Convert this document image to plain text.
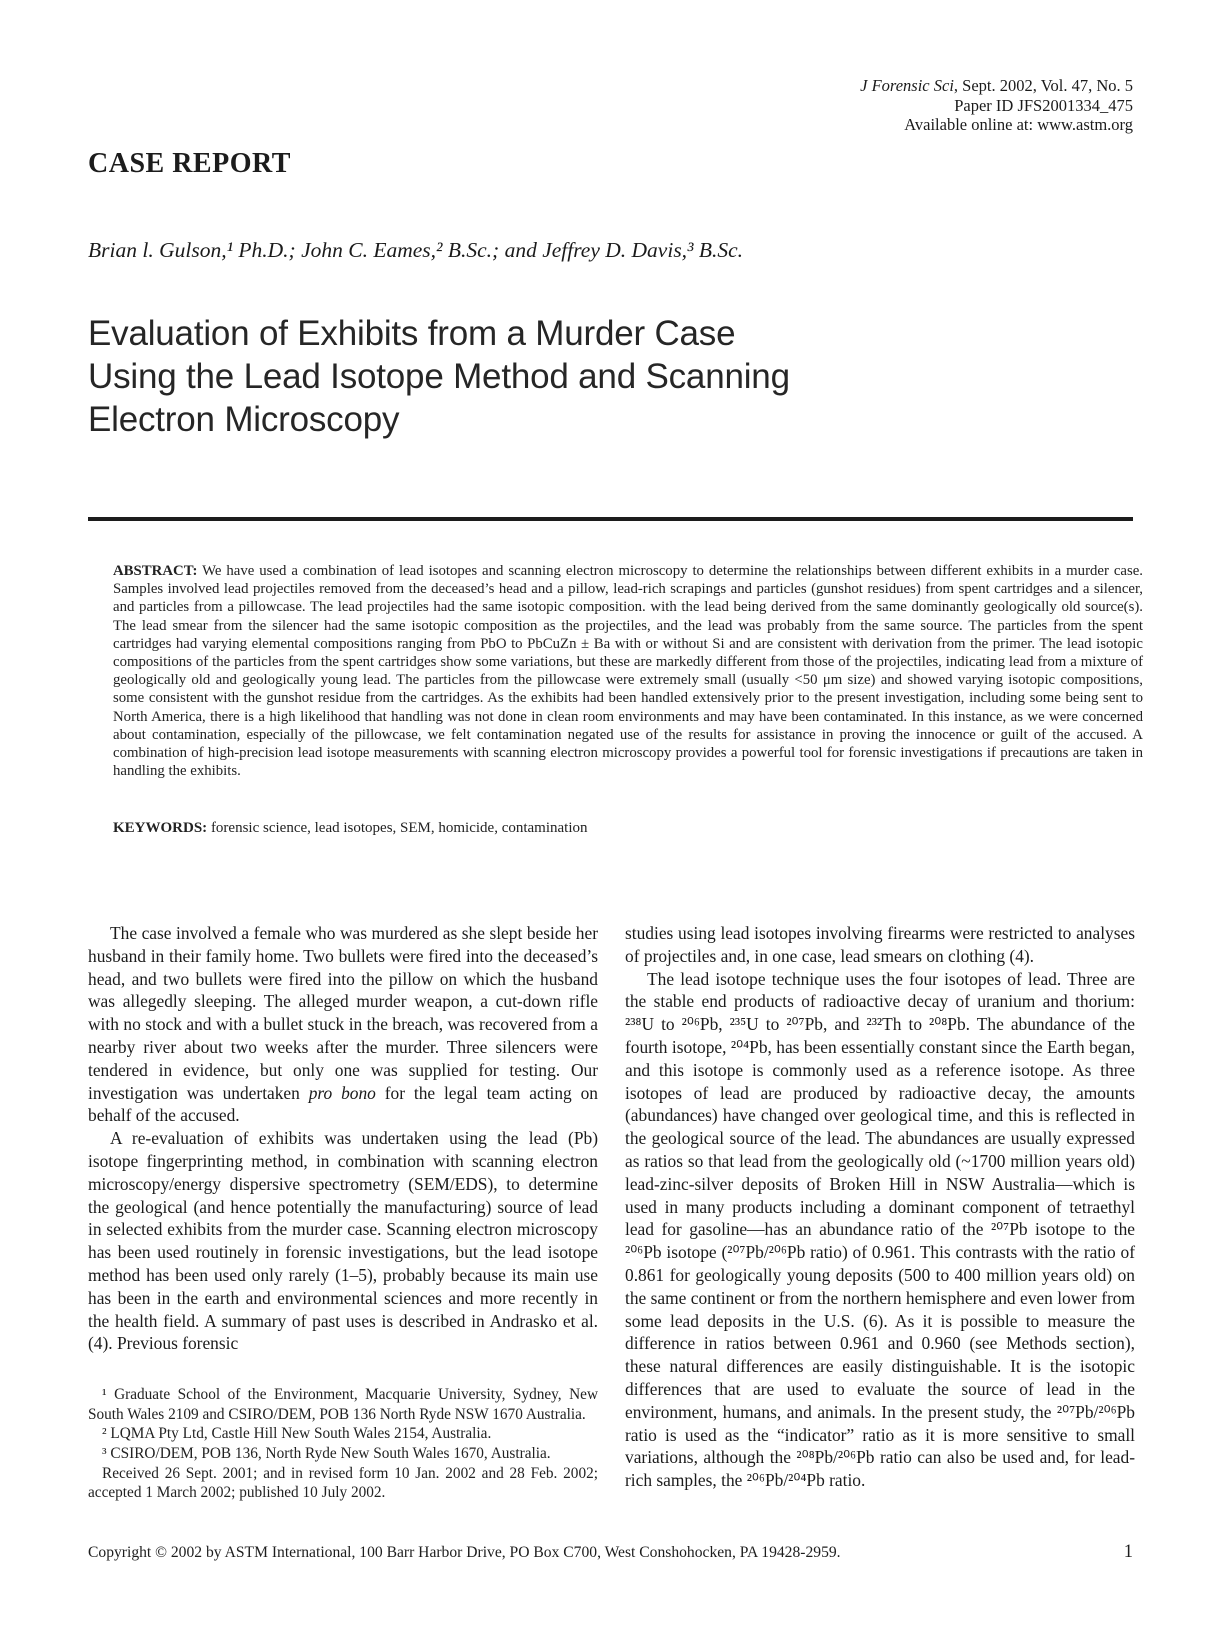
J Forensic Sci, Sept. 2002, Vol. 47, No. 5
Paper ID JFS2001334_475
Available online at: www.astm.org
CASE REPORT
Brian l. Gulson,¹ Ph.D.; John C. Eames,² B.Sc.; and Jeffrey D. Davis,³ B.Sc.
Evaluation of Exhibits from a Murder Case
Using the Lead Isotope Method and Scanning
Electron Microscopy
ABSTRACT: We have used a combination of lead isotopes and scanning electron microscopy to determine the relationships between different exhibits in a murder case. Samples involved lead projectiles removed from the deceased’s head and a pillow, lead-rich scrapings and particles (gunshot residues) from spent cartridges and a silencer, and particles from a pillowcase. The lead projectiles had the same isotopic composition. with the lead being derived from the same dominantly geologically old source(s). The lead smear from the silencer had the same isotopic composition as the projectiles, and the lead was probably from the same source. The particles from the spent cartridges had varying elemental compositions ranging from PbO to PbCuZn ± Ba with or without Si and are consistent with derivation from the primer. The lead isotopic compositions of the particles from the spent cartridges show some variations, but these are markedly different from those of the projectiles, indicating lead from a mixture of geologically old and geologically young lead. The particles from the pillowcase were extremely small (usually <50 μm size) and showed varying isotopic compositions, some consistent with the gunshot residue from the cartridges. As the exhibits had been handled extensively prior to the present investigation, including some being sent to North America, there is a high likelihood that handling was not done in clean room environments and may have been contaminated. In this instance, as we were concerned about contamination, especially of the pillowcase, we felt contamination negated use of the results for assistance in proving the innocence or guilt of the accused. A combination of high-precision lead isotope measurements with scanning electron microscopy provides a powerful tool for forensic investigations if precautions are taken in handling the exhibits.
KEYWORDS: forensic science, lead isotopes, SEM, homicide, contamination

The case involved a female who was murdered as she slept beside her husband in their family home. Two bullets were fired into the deceased’s head, and two bullets were fired into the pillow on which the husband was allegedly sleeping. The alleged murder weapon, a cut-down rifle with no stock and with a bullet stuck in the breach, was recovered from a nearby river about two weeks after the murder. Three silencers were tendered in evidence, but only one was supplied for testing. Our investigation was undertaken pro bono for the legal team acting on behalf of the accused.

A re-evaluation of exhibits was undertaken using the lead (Pb) isotope fingerprinting method, in combination with scanning electron microscopy/energy dispersive spectrometry (SEM/EDS), to determine the geological (and hence potentially the manufacturing) source of lead in selected exhibits from the murder case. Scanning electron microscopy has been used routinely in forensic investigations, but the lead isotope method has been used only rarely (1–5), probably because its main use has been in the earth and environmental sciences and more recently in the health field. A summary of past uses is described in Andrasko et al. (4). Previous forensic

¹ Graduate School of the Environment, Macquarie University, Sydney, New South Wales 2109 and CSIRO/DEM, POB 136 North Ryde NSW 1670 Australia.

² LQMA Pty Ltd, Castle Hill New South Wales 2154, Australia.

³ CSIRO/DEM, POB 136, North Ryde New South Wales 1670, Australia.

Received 26 Sept. 2001; and in revised form 10 Jan. 2002 and 28 Feb. 2002; accepted 1 March 2002; published 10 July 2002.

studies using lead isotopes involving firearms were restricted to analyses of projectiles and, in one case, lead smears on clothing (4).

The lead isotope technique uses the four isotopes of lead. Three are the stable end products of radioactive decay of uranium and thorium: ²³⁸U to ²⁰⁶Pb, ²³⁵U to ²⁰⁷Pb, and ²³²Th to ²⁰⁸Pb. The abundance of the fourth isotope, ²⁰⁴Pb, has been essentially constant since the Earth began, and this isotope is commonly used as a reference isotope. As three isotopes of lead are produced by radioactive decay, the amounts (abundances) have changed over geological time, and this is reflected in the geological source of the lead. The abundances are usually expressed as ratios so that lead from the geologically old (~1700 million years old) lead-zinc-silver deposits of Broken Hill in NSW Australia—which is used in many products including a dominant component of tetraethyl lead for gasoline—has an abundance ratio of the ²⁰⁷Pb isotope to the ²⁰⁶Pb isotope (²⁰⁷Pb/²⁰⁶Pb ratio) of 0.961. This contrasts with the ratio of 0.861 for geologically young deposits (500 to 400 million years old) on the same continent or from the northern hemisphere and even lower from some lead deposits in the U.S. (6). As it is possible to measure the difference in ratios between 0.961 and 0.960 (see Methods section), these natural differences are easily distinguishable. It is the isotopic differences that are used to evaluate the source of lead in the environment, humans, and animals. In the present study, the ²⁰⁷Pb/²⁰⁶Pb ratio is used as the “indicator” ratio as it is more sensitive to small variations, although the ²⁰⁸Pb/²⁰⁶Pb ratio can also be used and, for lead-rich samples, the ²⁰⁶Pb/²⁰⁴Pb ratio.

Copyright © 2002 by ASTM International, 100 Barr Harbor Drive, PO Box C700, West Conshohocken, PA 19428-2959.	1
